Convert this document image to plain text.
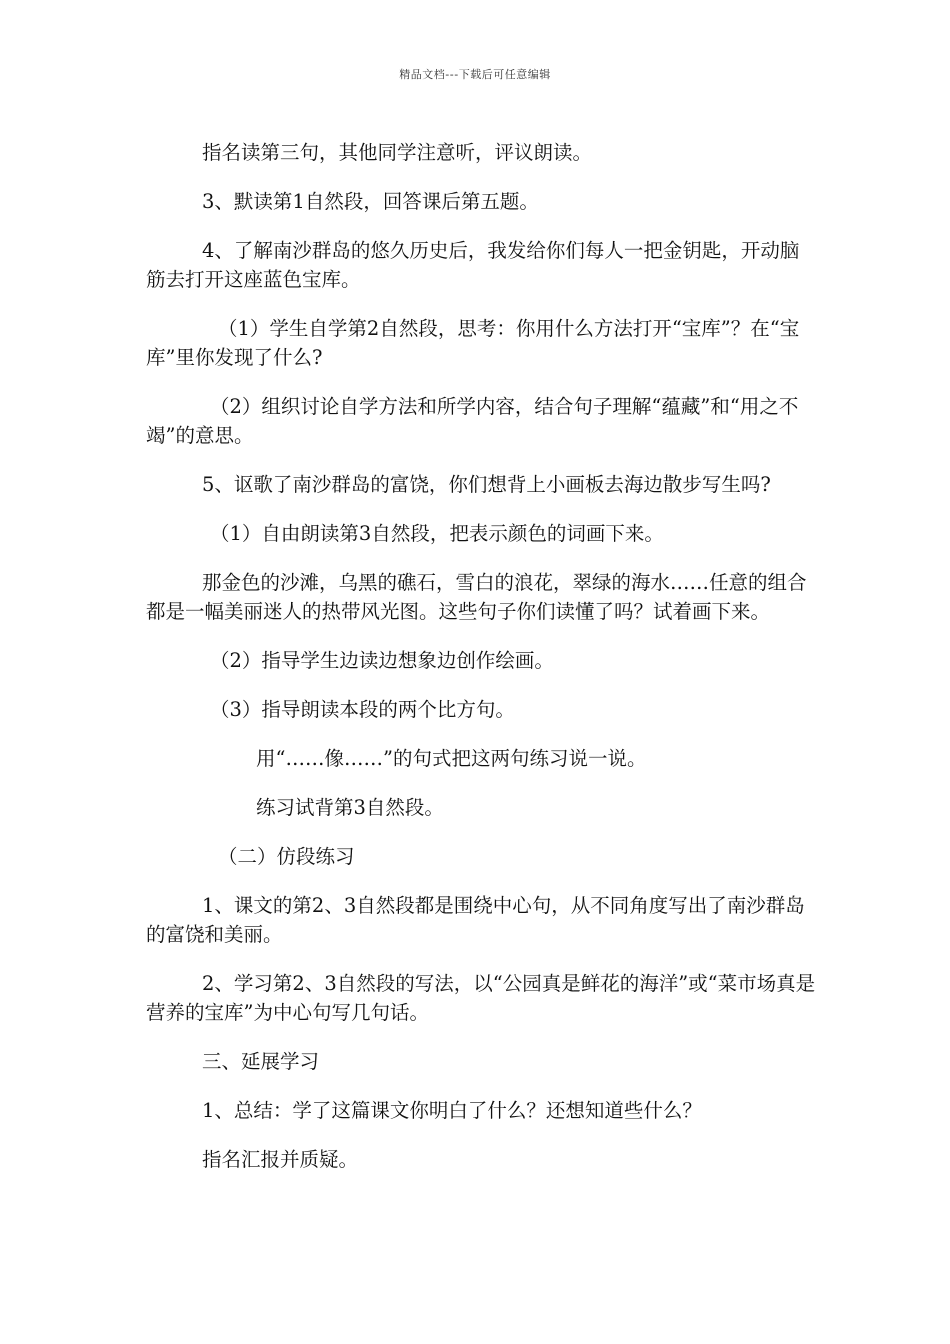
精品文档---下载后可任意编辑

指名读第三句，其他同学注意听，评议朗读。

3、默读第1自然段，回答课后第五题。

4、了解南沙群岛的悠久历史后，我发给你们每人一把金钥匙，开动脑筋去打开这座蓝色宝库。

（1）学生自学第2自然段，思考：你用什么方法打开“宝库”？在“宝库”里你发现了什么?

（2）组织讨论自学方法和所学内容，结合句子理解“蕴藏”和“用之不竭”的意思。

5、讴歌了南沙群岛的富饶，你们想背上小画板去海边散步写生吗?

（1）自由朗读第3自然段，把表示颜色的词画下来。

那金色的沙滩，乌黑的礁石，雪白的浪花，翠绿的海水……任意的组合都是一幅美丽迷人的热带风光图。这些句子你们读懂了吗？试着画下来。

（2）指导学生边读边想象边创作绘画。

（3）指导朗读本段的两个比方句。

用“……像……”的句式把这两句练习说一说。

练习试背第3自然段。

（二）仿段练习

1、课文的第2、3自然段都是围绕中心句，从不同角度写出了南沙群岛的富饶和美丽。

2、学习第2、3自然段的写法，以“公园真是鲜花的海洋”或“菜市场真是营养的宝库”为中心句写几句话。

三、延展学习

1、总结：学了这篇课文你明白了什么？还想知道些什么？

指名汇报并质疑。
